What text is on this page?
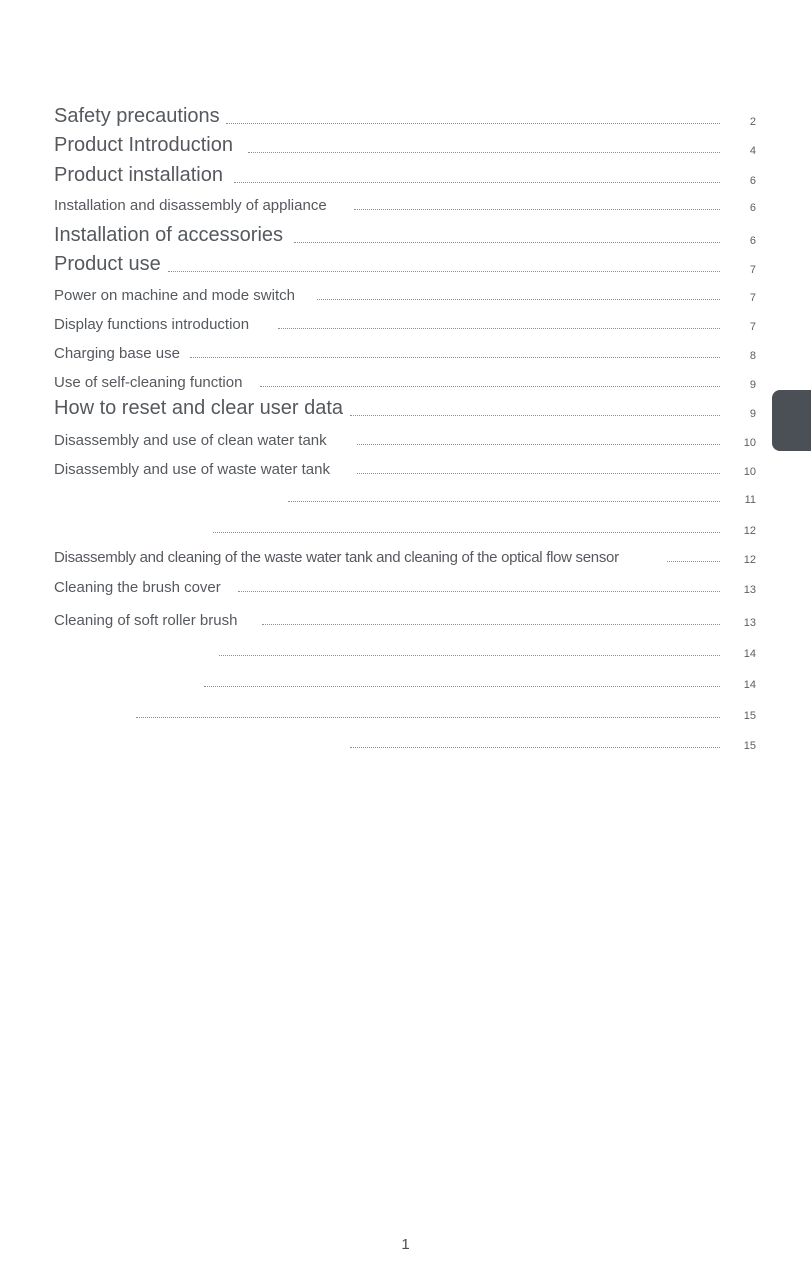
Safety precautions	2
Product Introduction	4
Product installation	6
Installation and disassembly of appliance	6
Installation of accessories	6
Product use	7
Power on machine and mode switch	7
Display functions introduction	7
Charging base use	8
Use of self-cleaning function	9
How to reset and clear user data	9
Disassembly and use of clean water tank	10
Disassembly and use of waste water tank	10
11
12
Disassembly and cleaning of the waste water tank and cleaning of the optical flow sensor	12
Cleaning the brush cover	13
Cleaning of soft roller brush	13
14
14
15
15
1
